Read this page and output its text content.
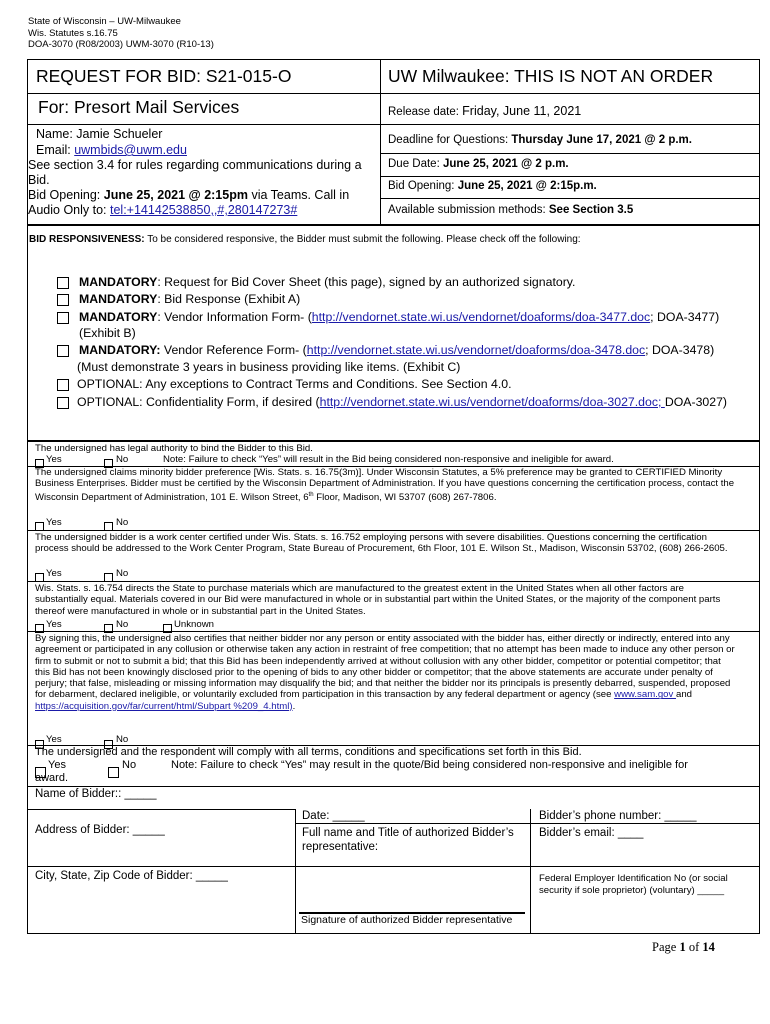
State of Wisconsin – UW-Milwaukee
Wis. Statutes s.16.75
DOA-3070 (R08/2003) UWM-3070 (R10-13)
REQUEST FOR BID: S21-015-O	UW Milwaukee: THIS IS NOT AN ORDER
For: Presort Mail Services	Release date: Friday, June 11, 2021
Name: Jamie Schueler
Email: uwmbids@uwm.edu
See section 3.4 for rules regarding communications during a
Bid.
Bid Opening: June 25, 2021 @ 2:15pm via Teams. Call in
Audio Only to: tel:+14142538850,,#,280147273#
Deadline for Questions: Thursday June 17, 2021 @ 2 p.m.
Due Date: June 25, 2021 @ 2 p.m.
Bid Opening: June 25, 2021 @ 2:15p.m.
Available submission methods: See Section 3.5
BID RESPONSIVENESS: To be considered responsive, the Bidder must submit the following. Please check off the following:
MANDATORY: Request for Bid Cover Sheet (this page), signed by an authorized signatory.
MANDATORY: Bid Response (Exhibit A)
MANDATORY: Vendor Information Form- (http://vendornet.state.wi.us/vendornet/doaforms/doa-3477.doc; DOA-3477)
(Exhibit B)
MANDATORY: Vendor Reference Form- (http://vendornet.state.wi.us/vendornet/doaforms/doa-3478.doc; DOA-3478)
(Must demonstrate 3 years in business providing like items. (Exhibit C)
OPTIONAL: Any exceptions to Contract Terms and Conditions. See Section 4.0.
OPTIONAL: Confidentiality Form, if desired (http://vendornet.state.wi.us/vendornet/doaforms/doa-3027.doc; DOA-3027)
The undersigned has legal authority to bind the Bidder to this Bid.
Yes	No	Note: Failure to check “Yes” will result in the Bid being considered non-responsive and ineligible for award.
The undersigned claims minority bidder preference [Wis. Stats. s. 16.75(3m)]. Under Wisconsin Statutes, a 5% preference may be granted to CERTIFIED Minority Business Enterprises. Bidder must be certified by the Wisconsin Department of Administration. If you have questions concerning the certification process, contact the Wisconsin Department of Administration, 101 E. Wilson Street, 6th Floor, Madison, WI 53707 (608) 267-7806.
Yes	No
The undersigned bidder is a work center certified under Wis. Stats. s. 16.752 employing persons with severe disabilities. Questions concerning the certification process should be addressed to the Work Center Program, State Bureau of Procurement, 6th Floor, 101 E. Wilson St., Madison, Wisconsin 53702, (608) 266-2605.
Yes	No
Wis. Stats. s. 16.754 directs the State to purchase materials which are manufactured to the greatest extent in the United States when all other factors are substantially equal. Materials covered in our Bid were manufactured in whole or in substantial part within the United States, or the majority of the component parts thereof were manufactured in whole or in substantial part in the United States.
Yes	No	Unknown
By signing this, the undersigned also certifies that neither bidder nor any person or entity associated with the bidder has, either directly or indirectly, entered into any agreement or participated in any collusion or otherwise taken any action in restraint of free competition; that no attempt has been made to induce any other person or firm to submit or not to submit a bid; that this Bid has been independently arrived at without collusion with any other bidder, competitor or potential competitor; that this Bid has not been knowingly disclosed prior to the opening of bids to any other bidder or competitor; that the above statements are accurate under penalty of perjury; that false, misleading or missing information may disqualify the bid; and that neither the bidder nor its principals is presently debarred, suspended, proposed for debarment, declared ineligible, or voluntarily excluded from participation in this transaction by any federal department or agency (see www.sam.gov and https://acquisition.gov/far/current/html/Subpart %209_4.html).
Yes	No
The undersigned and the respondent will comply with all terms, conditions and specifications set forth in this Bid.
Yes	No	Note: Failure to check “Yes” may result in the quote/Bid being considered non-responsive and ineligible for
award.
Name of Bidder:: _____
Date: _____	Bidder’s phone number: _____
Address of Bidder: _____	Full name and Title of authorized Bidder’s
representative:
Bidder’s email: ____
City, State, Zip Code of Bidder: _____
Signature of authorized Bidder representative
Federal Employer Identification No (or social
security if sole proprietor) (voluntary) _____
Page 1 of 14
